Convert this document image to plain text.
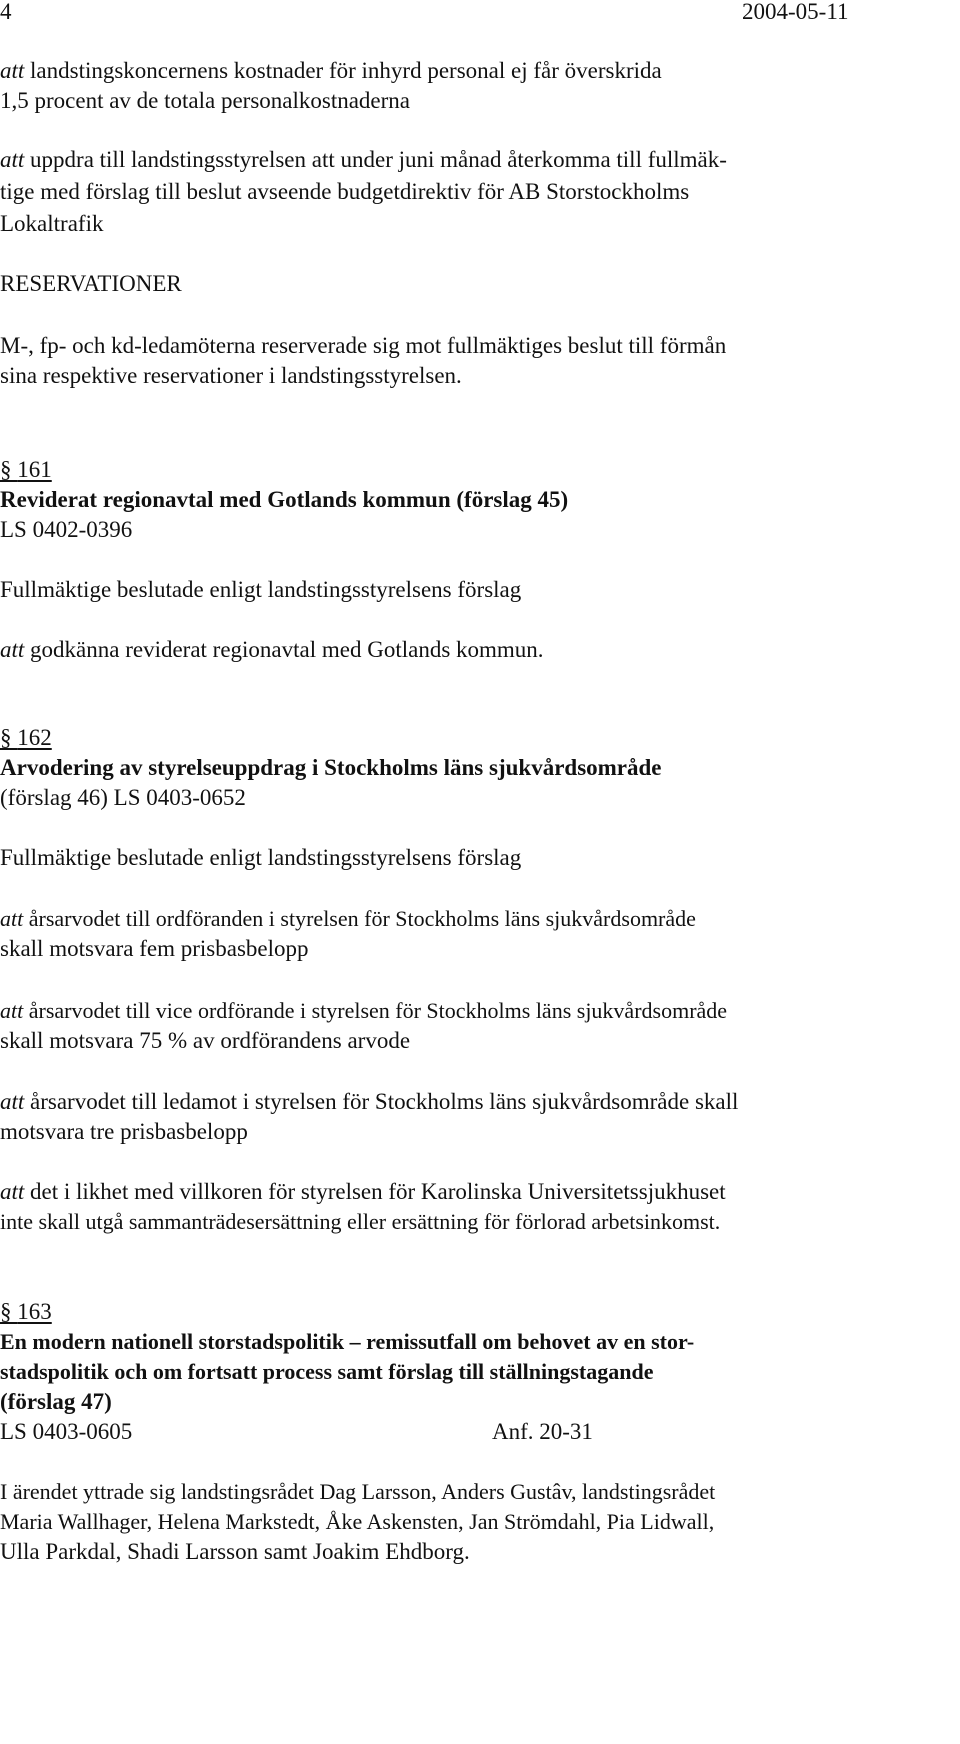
4	2004-05-11
att landstingskoncernens kostnader för inhyrd personal ej får överskrida
1,5 procent av de totala personalkostnaderna
att uppdra till landstingsstyrelsen att under juni månad återkomma till fullmäk-
tige med förslag till beslut avseende budgetdirektiv för AB Storstockholms
Lokaltrafik
RESERVATIONER
M-, fp- och kd-ledamöterna reserverade sig mot fullmäktiges beslut till förmån
sina respektive reservationer i landstingsstyrelsen.
§ 161
Reviderat regionavtal med Gotlands kommun (förslag 45)
LS 0402-0396
Fullmäktige beslutade enligt landstingsstyrelsens förslag
att godkänna reviderat regionavtal med Gotlands kommun.
§ 162
Arvodering av styrelseuppdrag i Stockholms läns sjukvårdsområde
(förslag 46) LS 0403-0652
Fullmäktige beslutade enligt landstingsstyrelsens förslag
att årsarvodet till ordföranden i styrelsen för Stockholms läns sjukvårdsområde
skall motsvara fem prisbasbelopp
att årsarvodet till vice ordförande i styrelsen för Stockholms läns sjukvårdsområde
skall motsvara 75 % av ordförandens arvode
att årsarvodet till ledamot i styrelsen för Stockholms läns sjukvårdsområde skall
motsvara tre prisbasbelopp
att det i likhet med villkoren för styrelsen för Karolinska Universitetssjukhuset
inte skall utgå sammanträdesersättning eller ersättning för förlorad arbetsinkomst.
§ 163
En modern nationell storstadspolitik – remissutfall om behovet av en stor-
stadspolitik och om fortsatt process samt förslag till ställningstagande
(förslag 47)
LS 0403-0605	Anf. 20-31
I ärendet yttrade sig landstingsrådet Dag Larsson, Anders Gustâv, landstingsrådet
Maria Wallhager, Helena Markstedt, Åke Askensten, Jan Strömdahl, Pia Lidwall,
Ulla Parkdal, Shadi Larsson samt Joakim Ehdborg.
